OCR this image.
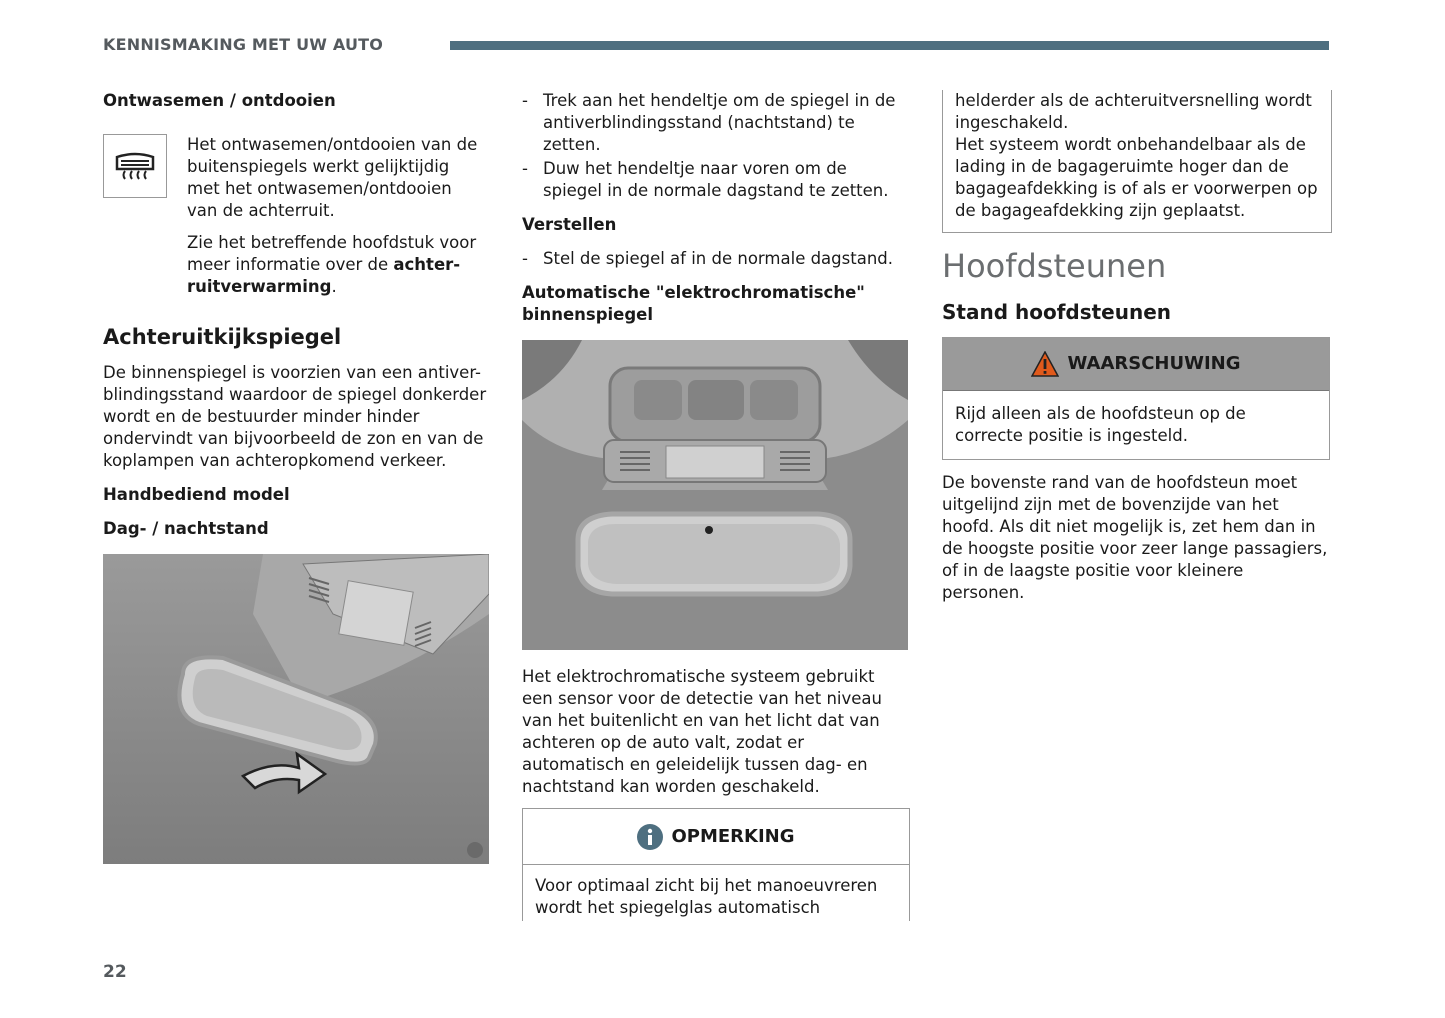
KENNISMAKING MET UW AUTO
Ontwasemen / ontdooien

Het ontwasemen/ontdooien van de buitenspiegels werkt gelijktijdig met het ontwasemen/ontdooien van de achterruit.

Zie het betreffende hoofdstuk voor meer informatie over de achter-ruitverwarming.

Achteruitkijkspiegel

De binnenspiegel is voorzien van een antiver-blindingsstand waardoor de spiegel donkerder wordt en de bestuurder minder hinder ondervindt van bijvoorbeeld de zon en van de koplampen van achteropkomend verkeer.

Handbediend model
Dag- / nachtstand
- Trek aan het hendeltje om de spiegel in de antiverblindingsstand (nachtstand) te zetten.
- Duw het hendeltje naar voren om de spiegel in de normale dagstand te zetten.
Verstellen
- Stel de spiegel af in de normale dagstand.
Automatische "elektrochromatische" binnenspiegel

Het elektrochromatische systeem gebruikt een sensor voor de detectie van het niveau van het buitenlicht en van het licht dat van achteren op de auto valt, zodat er automatisch en geleidelijk tussen dag- en nachtstand kan worden geschakeld.

OPMERKING
Voor optimaal zicht bij het manoeuvreren wordt het spiegelglas automatisch

helderder als de achteruitversnelling wordt ingeschakeld.

Het systeem wordt onbehandelbaar als de lading in de bagageruimte hoger dan de bagageafdekking is of als er voorwerpen op de bagageafdekking zijn geplaatst.

Hoofdsteunen
Stand hoofdsteunen
WAARSCHUWING
Rijd alleen als de hoofdsteun op de correcte positie is ingesteld.

De bovenste rand van de hoofdsteun moet uitgelijnd zijn met de bovenzijde van het hoofd. Als dit niet mogelijk is, zet hem dan in de hoogste positie voor zeer lange passagiers, of in de laagste positie voor kleinere personen.

22
